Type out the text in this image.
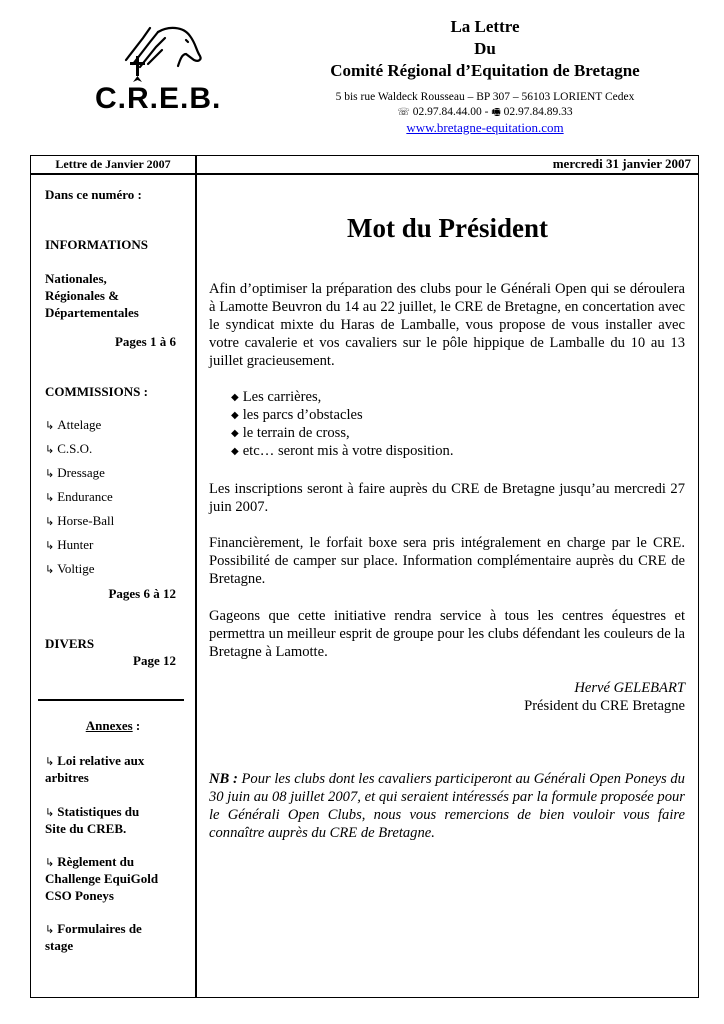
C.R.E.B.
La Lettre
Du
Comité Régional d’Equitation de Bretagne
5 bis rue Waldeck Rousseau – BP 307 – 56103 LORIENT Cedex
☏ 02.97.84.44.00 - 🖷 02.97.84.89.33
www.bretagne-equitation.com
Lettre de Janvier 2007	mercredi 31 janvier 2007
Dans ce numéro :
INFORMATIONS
Nationales,
Régionales &
Départementales
Pages 1 à 6
COMMISSIONS :
↳ Attelage
↳ C.S.O.
↳ Dressage
↳ Endurance
↳ Horse-Ball
↳ Hunter
↳ Voltige
Pages 6 à 12
DIVERS
Page 12
Annexes :
↳ Loi relative aux
arbitres
↳ Statistiques du
Site du CREB.
↳ Règlement du
Challenge EquiGold
CSO Poneys
↳ Formulaires de
stage
Mot du Président
Afin d’optimiser la préparation des clubs pour le Générali Open qui se déroulera à Lamotte Beuvron du 14 au 22 juillet, le CRE de Bretagne, en concertation avec le syndicat mixte du Haras de Lamballe, vous propose de vous installer avec votre cavalerie et vos cavaliers sur le pôle hippique de Lamballe du 10 au 13 juillet gracieusement.
◆ Les carrières,
◆ les parcs d’obstacles
◆ le terrain de cross,
◆ etc… seront mis à votre disposition.
Les inscriptions seront à faire auprès du CRE de Bretagne jusqu’au mercredi 27 juin 2007.
Financièrement, le forfait boxe sera pris intégralement en charge par le CRE. Possibilité de camper sur place. Information complémentaire auprès du CRE de Bretagne.
Gageons que cette initiative rendra service à tous les centres équestres et permettra un meilleur esprit de groupe pour les clubs défendant les couleurs de la Bretagne à Lamotte.
Hervé GELEBART
Président du CRE Bretagne
NB : Pour les clubs dont les cavaliers participeront au Générali Open Poneys du 30 juin au 08 juillet 2007, et qui seraient intéressés par la formule proposée pour le Générali Open Clubs, nous vous remercions de bien vouloir vous faire connaître auprès du CRE de Bretagne.
